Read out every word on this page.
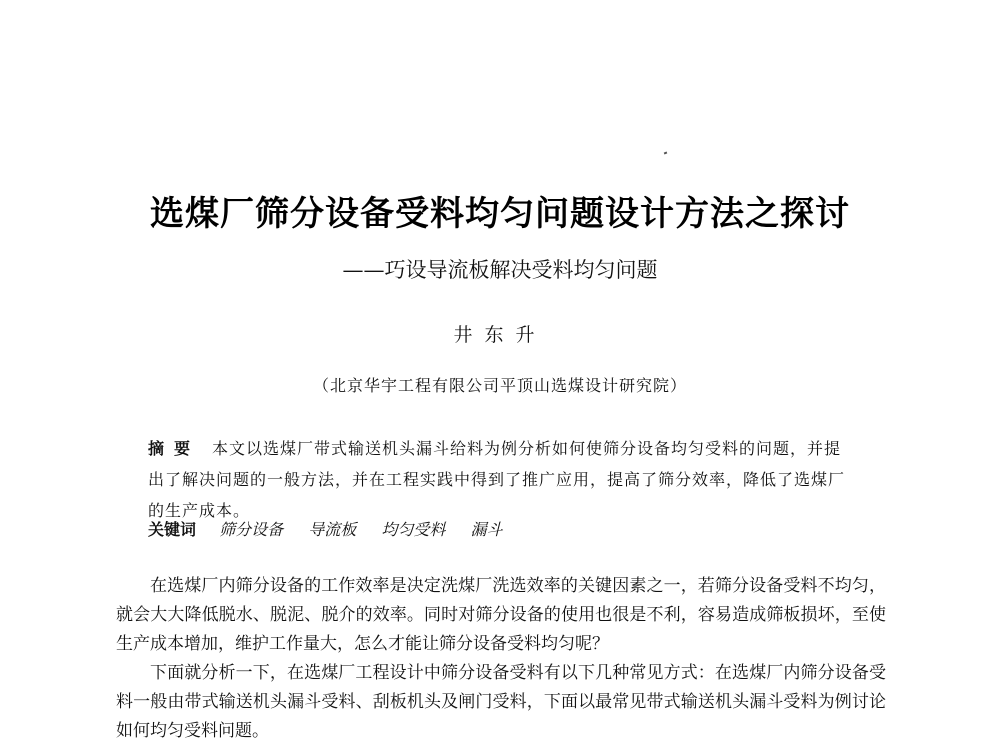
选煤厂筛分设备受料均匀问题设计方法之探讨
——巧设导流板解决受料均匀问题
井东升
（北京华宇工程有限公司平顶山选煤设计研究院）
摘要 本文以选煤厂带式输送机头漏斗给料为例分析如何使筛分设备均匀受料的问题，并提出了解决问题的一般方法，并在工程实践中得到了推广应用，提高了筛分效率，降低了选煤厂的生产成本。
关键词 筛分设备 导流板 均匀受料 漏斗

在选煤厂内筛分设备的工作效率是决定洗煤厂洗选效率的关键因素之一，若筛分设备受料不均匀，就会大大降低脱水、脱泥、脱介的效率。同时对筛分设备的使用也很是不利，容易造成筛板损坏，至使生产成本增加，维护工作量大，怎么才能让筛分设备受料均匀呢？

下面就分析一下，在选煤厂工程设计中筛分设备受料有以下几种常见方式：在选煤厂内筛分设备受料一般由带式输送机头漏斗受料、刮板机头及闸门受料，下面以最常见带式输送机头漏斗受料为例讨论如何均匀受料问题。
